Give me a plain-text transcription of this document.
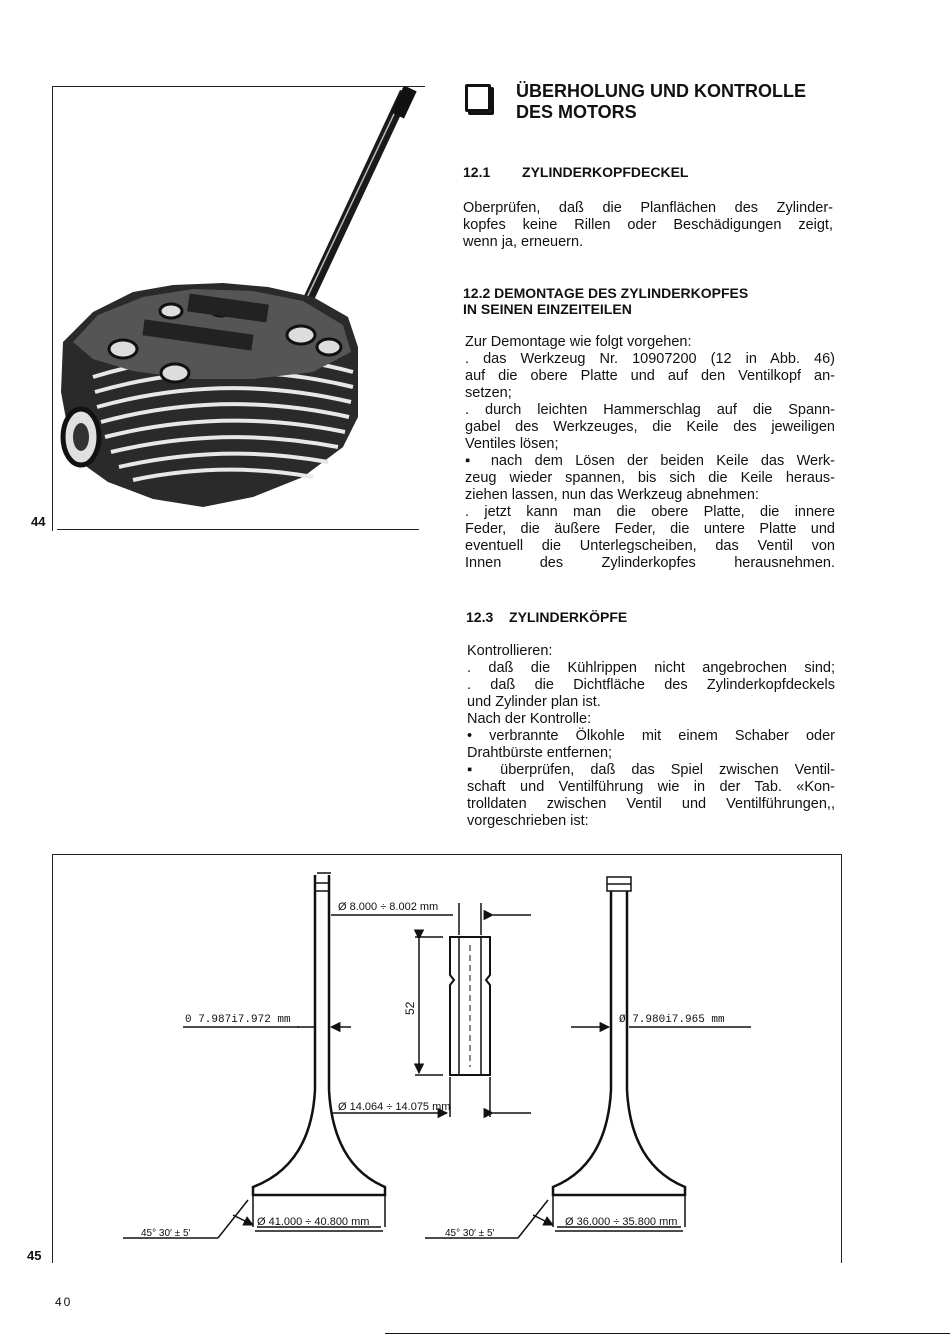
44
ÜBERHOLUNG UND KONTROLLE
DES MOTORS
12.1 ZYLINDERKOPFDECKEL

Oberprüfen, daß die Planflächen des Zylinder-

kopfes keine Rillen oder Beschädigungen zeigt,

wenn ja, erneuern.

12.2 DEMONTAGE DES ZYLINDERKOPFES
IN SEINEN EINZEITEILEN

Zur Demontage wie folgt vorgehen:

. das Werkzeug Nr. 10907200 (12 in Abb. 46)

auf die obere Platte und auf den Ventilkopf an-

setzen;

. durch leichten Hammerschlag auf die Spann-

gabel des Werkzeuges, die Keile des jeweiligen

Ventiles lösen;

▪ nach dem Lösen der beiden Keile das Werk-

zeug wieder spannen, bis sich die Keile heraus-

ziehen lassen, nun das Werkzeug abnehmen:

. jetzt kann man die obere Platte, die innere

Feder, die äußere Feder, die untere Platte und

eventuell die Unterlegscheiben, das Ventil von

Innen des Zylinderkopfes herausnehmen.

12.3 ZYLINDERKÖPFE

Kontrollieren:

. daß die Kühlrippen nicht angebrochen sind;

. daß die Dichtfläche des Zylinderkopfdeckels

und Zylinder plan ist.

Nach der Kontrolle:

• verbrannte Ölkohle mit einem Schaber oder

Drahtbürste entfernen;

▪ überprüfen, daß das Spiel zwischen Ventil-

schaft und Ventilführung wie in der Tab. «Kon-

trolldaten zwischen Ventil und Ventilführungen,,

vorgeschrieben ist:

Ø 8.000 ÷ 8.002 mm
52
Ø 14.064 ÷ 14.075 mm
0 7.987i7.972 mm	Ø 7.980i7.965 mm
Ø 41.000 ÷ 40.800 mm	Ø 36.000 ÷ 35.800 mm
45° 30′ ± 5′	45° 30′ ± 5′
45
40
